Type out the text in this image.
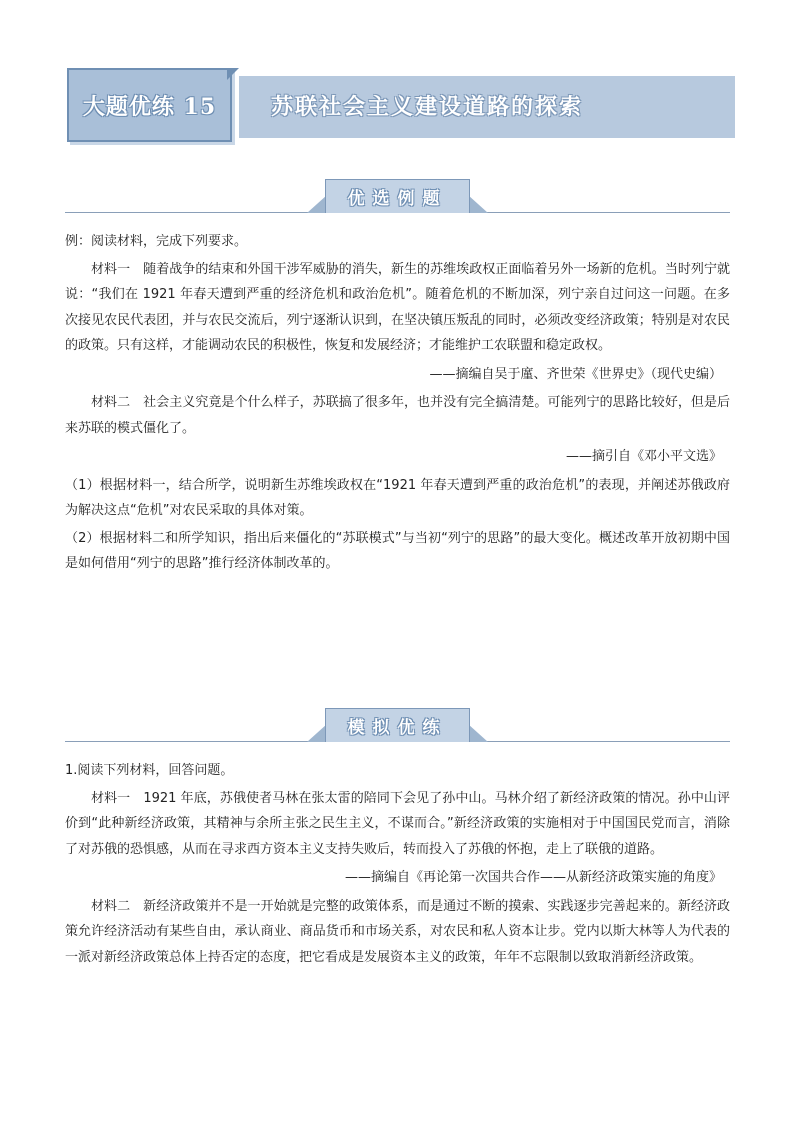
大题优练 15	苏联社会主义建设道路的探索
优选例题

例：阅读材料，完成下列要求。

材料一　随着战争的结束和外国干涉军威胁的消失，新生的苏维埃政权正面临着另外一场新的危机。当时列宁就说：“我们在 1921 年春天遭到严重的经济危机和政治危机”。随着危机的不断加深，列宁亲自过问这一问题。在多次接见农民代表团，并与农民交流后，列宁逐渐认识到，在坚决镇压叛乱的同时，必须改变经济政策；特别是对农民的政策。只有这样，才能调动农民的积极性，恢复和发展经济；才能维护工农联盟和稳定政权。

——摘编自吴于廑、齐世荣《世界史》（现代史编）

材料二　社会主义究竟是个什么样子，苏联搞了很多年，也并没有完全搞清楚。可能列宁的思路比较好，但是后来苏联的模式僵化了。

——摘引自《邓小平文选》

（1）根据材料一，结合所学，说明新生苏维埃政权在“1921 年春天遭到严重的政治危机”的表现，并阐述苏俄政府为解决这点“危机”对农民采取的具体对策。

（2）根据材料二和所学知识，指出后来僵化的“苏联模式”与当初“列宁的思路”的最大变化。概述改革开放初期中国是如何借用“列宁的思路”推行经济体制改革的。

模拟优练

1.阅读下列材料，回答问题。

材料一　1921 年底，苏俄使者马林在张太雷的陪同下会见了孙中山。马林介绍了新经济政策的情况。孙中山评价到“此种新经济政策，其精神与余所主张之民生主义，不谋而合。”新经济政策的实施相对于中国国民党而言，消除了对苏俄的恐惧感，从而在寻求西方资本主义支持失败后，转而投入了苏俄的怀抱，走上了联俄的道路。

——摘编自《再论第一次国共合作——从新经济政策实施的角度》

材料二　新经济政策并不是一开始就是完整的政策体系，而是通过不断的摸索、实践逐步完善起来的。新经济政策允许经济活动有某些自由，承认商业、商品货币和市场关系，对农民和私人资本让步。党内以斯大林等人为代表的一派对新经济政策总体上持否定的态度，把它看成是发展资本主义的政策，年年不忘限制以致取消新经济政策。
